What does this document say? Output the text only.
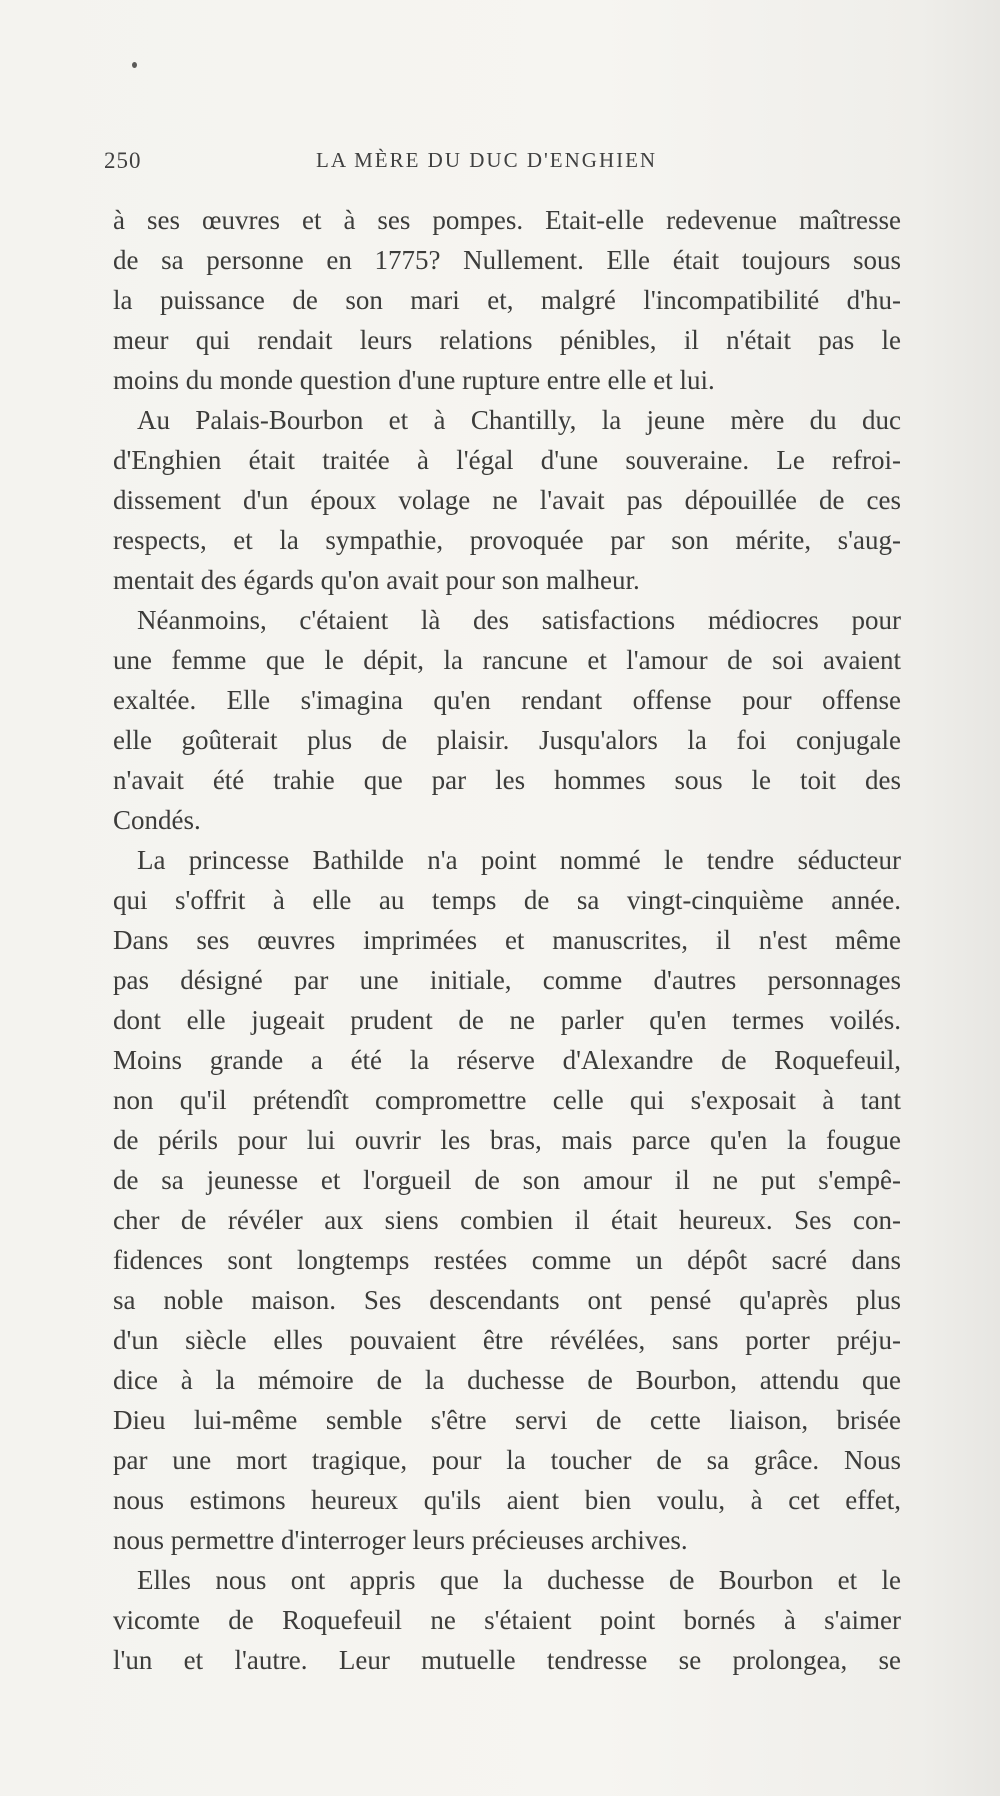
250	LA MÈRE DU DUC D'ENGHIEN
à ses œuvres et à ses pompes. Etait-elle redevenue maîtresse
de sa personne en 1775? Nullement. Elle était toujours sous
la puissance de son mari et, malgré l'incompatibilité d'hu-
meur qui rendait leurs relations pénibles, il n'était pas le
moins du monde question d'une rupture entre elle et lui.
Au Palais-Bourbon et à Chantilly, la jeune mère du duc
d'Enghien était traitée à l'égal d'une souveraine. Le refroi-
dissement d'un époux volage ne l'avait pas dépouillée de ces
respects, et la sympathie, provoquée par son mérite, s'aug-
mentait des égards qu'on avait pour son malheur.
Néanmoins, c'étaient là des satisfactions médiocres pour
une femme que le dépit, la rancune et l'amour de soi avaient
exaltée. Elle s'imagina qu'en rendant offense pour offense
elle goûterait plus de plaisir. Jusqu'alors la foi conjugale
n'avait été trahie que par les hommes sous le toit des
Condés.
La princesse Bathilde n'a point nommé le tendre séducteur
qui s'offrit à elle au temps de sa vingt-cinquième année.
Dans ses œuvres imprimées et manuscrites, il n'est même
pas désigné par une initiale, comme d'autres personnages
dont elle jugeait prudent de ne parler qu'en termes voilés.
Moins grande a été la réserve d'Alexandre de Roquefeuil,
non qu'il prétendît compromettre celle qui s'exposait à tant
de périls pour lui ouvrir les bras, mais parce qu'en la fougue
de sa jeunesse et l'orgueil de son amour il ne put s'empê-
cher de révéler aux siens combien il était heureux. Ses con-
fidences sont longtemps restées comme un dépôt sacré dans
sa noble maison. Ses descendants ont pensé qu'après plus
d'un siècle elles pouvaient être révélées, sans porter préju-
dice à la mémoire de la duchesse de Bourbon, attendu que
Dieu lui-même semble s'être servi de cette liaison, brisée
par une mort tragique, pour la toucher de sa grâce. Nous
nous estimons heureux qu'ils aient bien voulu, à cet effet,
nous permettre d'interroger leurs précieuses archives.
Elles nous ont appris que la duchesse de Bourbon et le
vicomte de Roquefeuil ne s'étaient point bornés à s'aimer
l'un et l'autre. Leur mutuelle tendresse se prolongea, se
